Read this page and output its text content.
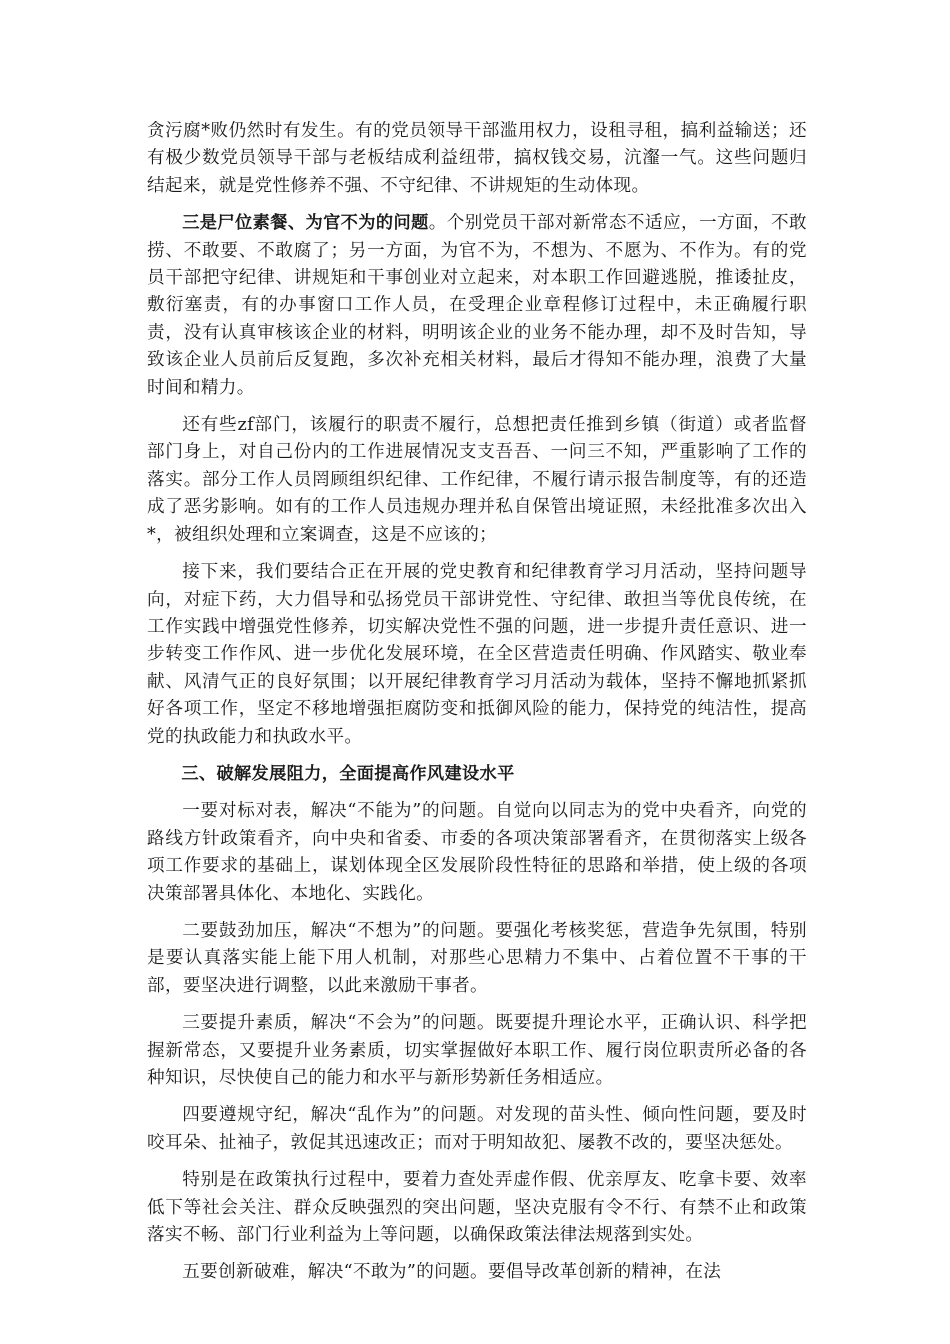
贪污腐*败仍然时有发生。有的党员领导干部滥用权力，设租寻租，搞利益输送；还有极少数党员领导干部与老板结成利益纽带，搞权钱交易，沆瀣一气。这些问题归结起来，就是党性修养不强、不守纪律、不讲规矩的生动体现。

三是尸位素餐、为官不为的问题。个别党员干部对新常态不适应，一方面，不敢捞、不敢要、不敢腐了；另一方面，为官不为，不想为、不愿为、不作为。有的党员干部把守纪律、讲规矩和干事创业对立起来，对本职工作回避逃脱，推诿扯皮，敷衍塞责，有的办事窗口工作人员，在受理企业章程修订过程中，未正确履行职责，没有认真审核该企业的材料，明明该企业的业务不能办理，却不及时告知，导致该企业人员前后反复跑，多次补充相关材料，最后才得知不能办理，浪费了大量时间和精力。

还有些zf部门，该履行的职责不履行，总想把责任推到乡镇（街道）或者监督部门身上，对自己份内的工作进展情况支支吾吾、一问三不知，严重影响了工作的落实。部分工作人员罔顾组织纪律、工作纪律，不履行请示报告制度等，有的还造成了恶劣影响。如有的工作人员违规办理并私自保管出境证照，未经批准多次出入*，被组织处理和立案调查，这是不应该的；

接下来，我们要结合正在开展的党史教育和纪律教育学习月活动，坚持问题导向，对症下药，大力倡导和弘扬党员干部讲党性、守纪律、敢担当等优良传统，在工作实践中增强党性修养，切实解决党性不强的问题，进一步提升责任意识、进一步转变工作作风、进一步优化发展环境，在全区营造责任明确、作风踏实、敬业奉献、风清气正的良好氛围；以开展纪律教育学习月活动为载体，坚持不懈地抓紧抓好各项工作，坚定不移地增强拒腐防变和抵御风险的能力，保持党的纯洁性，提高党的执政能力和执政水平。

三、破解发展阻力，全面提高作风建设水平

一要对标对表，解决“不能为”的问题。自觉向以同志为的党中央看齐，向党的路线方针政策看齐，向中央和省委、市委的各项决策部署看齐，在贯彻落实上级各项工作要求的基础上，谋划体现全区发展阶段性特征的思路和举措，使上级的各项决策部署具体化、本地化、实践化。

二要鼓劲加压，解决“不想为”的问题。要强化考核奖惩，营造争先氛围，特别是要认真落实能上能下用人机制，对那些心思精力不集中、占着位置不干事的干部，要坚决进行调整，以此来激励干事者。

三要提升素质，解决“不会为”的问题。既要提升理论水平，正确认识、科学把握新常态，又要提升业务素质，切实掌握做好本职工作、履行岗位职责所必备的各种知识，尽快使自己的能力和水平与新形势新任务相适应。

四要遵规守纪，解决“乱作为”的问题。对发现的苗头性、倾向性问题，要及时咬耳朵、扯袖子，敦促其迅速改正；而对于明知故犯、屡教不改的，要坚决惩处。

特别是在政策执行过程中，要着力查处弄虚作假、优亲厚友、吃拿卡要、效率低下等社会关注、群众反映强烈的突出问题，坚决克服有令不行、有禁不止和政策落实不畅、部门行业利益为上等问题，以确保政策法律法规落到实处。

五要创新破难，解决“不敢为”的问题。要倡导改革创新的精神，在法
